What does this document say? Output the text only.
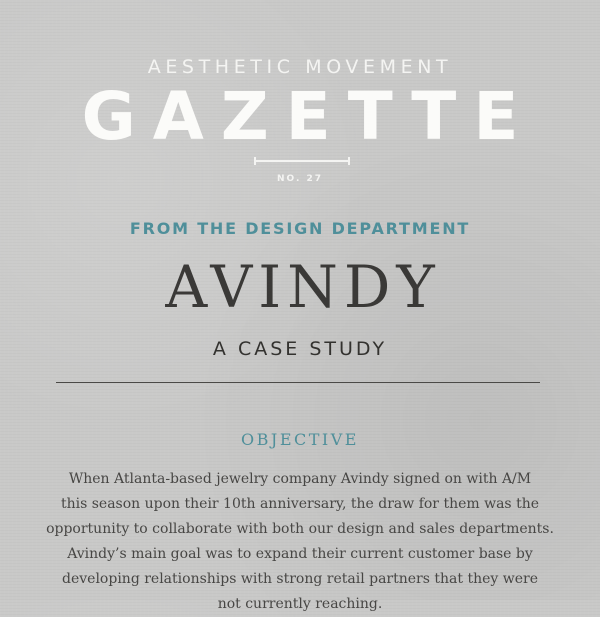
AESTHETIC MOVEMENT
GAZETTE
NO. 27
FROM THE DESIGN DEPARTMENT
AVINDY
A CASE STUDY
OBJECTIVE
When Atlanta-based jewelry company Avindy signed on with A/M
this season upon their 10th anniversary, the draw for them was the
opportunity to collaborate with both our design and sales departments.
Avindy’s main goal was to expand their current customer base by
developing relationships with strong retail partners that they were
not currently reaching.
